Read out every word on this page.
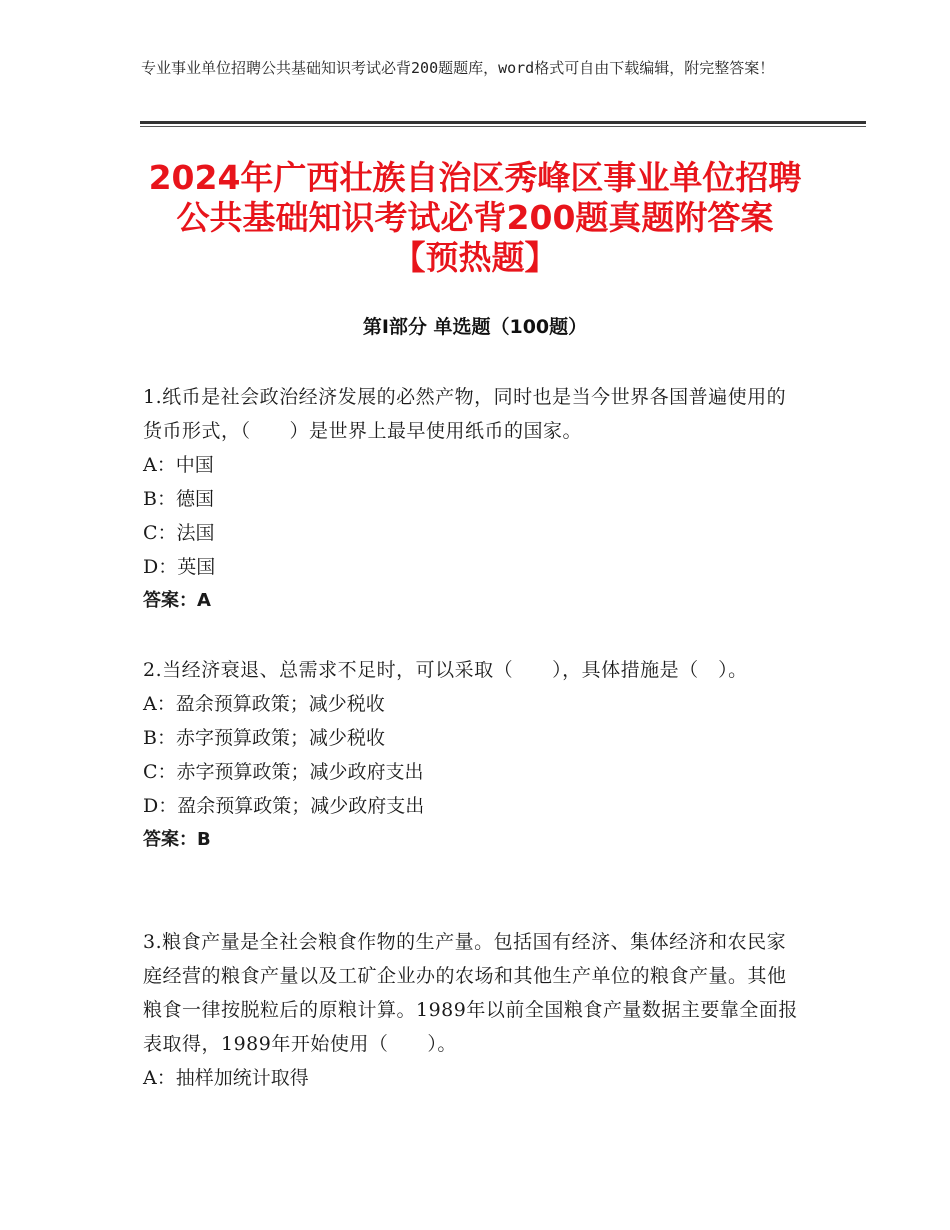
专业事业单位招聘公共基础知识考试必背200题题库，word格式可自由下载编辑，附完整答案！
2024年广西壮族自治区秀峰区事业单位招聘
公共基础知识考试必背200题真题附答案
【预热题】
第Ⅰ部分 单选题（100题）

1.纸币是社会政治经济发展的必然产物，同时也是当今世界各国普遍使用的货币形式，（　　）是世界上最早使用纸币的国家。

A：中国

B：德国

C：法国

D：英国

答案：A

2.当经济衰退、总需求不足时，可以采取（　　），具体措施是（　）。

A：盈余预算政策；减少税收

B：赤字预算政策；减少税收

C：赤字预算政策；减少政府支出

D：盈余预算政策；减少政府支出

答案：B

3.粮食产量是全社会粮食作物的生产量。包括国有经济、集体经济和农民家庭经营的粮食产量以及工矿企业办的农场和其他生产单位的粮食产量。其他粮食一律按脱粒后的原粮计算。1989年以前全国粮食产量数据主要靠全面报表取得，1989年开始使用（　　）。

A：抽样加统计取得
